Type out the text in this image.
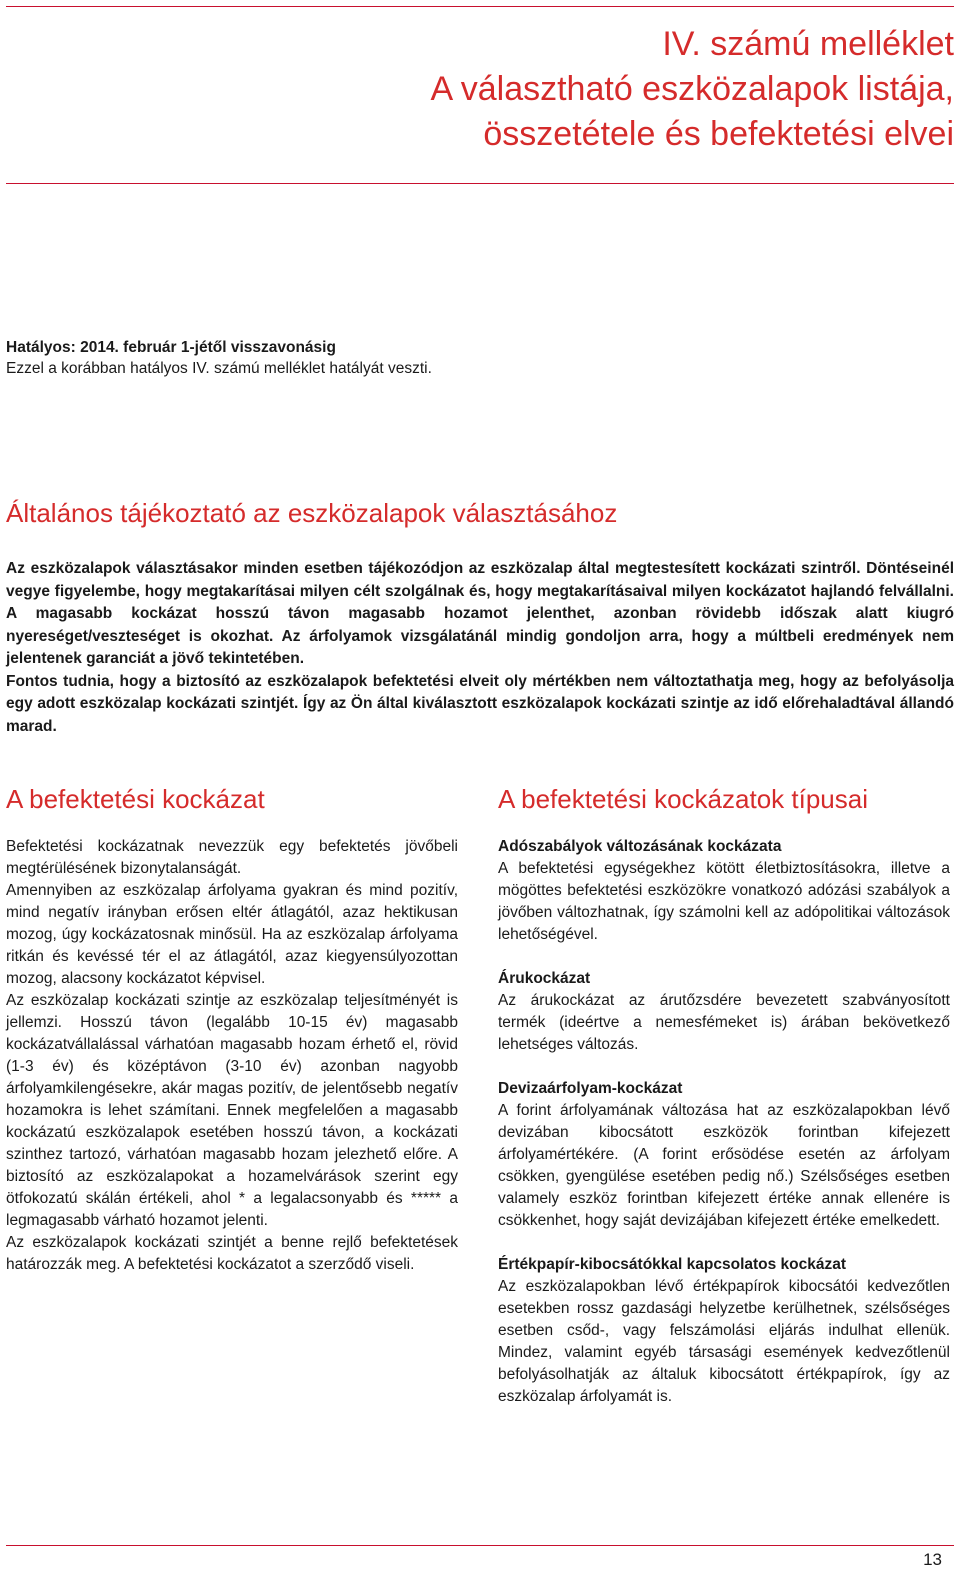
IV. számú melléklet
A választható eszközalapok listája,
összetétele és befektetési elvei
Hatályos: 2014. február 1-jétől visszavonásig
Ezzel a korábban hatályos IV. számú melléklet hatályát veszti.
Általános tájékoztató az eszközalapok választásához

Az eszközalapok választásakor minden esetben tájékozódjon az eszközalap által megtestesített kockázati szintről. Döntéseinél vegye figyelembe, hogy megtakarításai milyen célt szolgálnak és, hogy megtakarításaival milyen kockázatot hajlandó felvállalni. A magasabb kockázat hosszú távon magasabb hozamot jelenthet, azonban rövidebb időszak alatt kiugró nyereséget/veszteséget is okozhat. Az árfolyamok vizsgálatánál mindig gondoljon arra, hogy a múltbeli eredmények nem jelentenek garanciát a jövő tekintetében.

Fontos tudnia, hogy a biztosító az eszközalapok befektetési elveit oly mértékben nem változtathatja meg, hogy az befolyásolja egy adott eszközalap kockázati szintjét. Így az Ön által kiválasztott eszközalapok kockázati szintje az idő előrehaladtával állandó marad.

A befektetési kockázat

Befektetési kockázatnak nevezzük egy befektetés jövőbeli megtérülésének bizonytalanságát.

Amennyiben az eszközalap árfolyama gyakran és mind pozitív, mind negatív irányban erősen eltér átlagától, azaz hektikusan mozog, úgy kockázatosnak minősül. Ha az eszközalap árfolyama ritkán és kevéssé tér el az átlagától, azaz kiegyensúlyozottan mozog, alacsony kockázatot képvisel.

Az eszközalap kockázati szintje az eszközalap teljesítményét is jellemzi. Hosszú távon (legalább 10-15 év) magasabb kockázatvállalással várhatóan magasabb hozam érhető el, rövid (1-3 év) és középtávon (3-10 év) azonban nagyobb árfolyamkilengésekre, akár magas pozitív, de jelentősebb negatív hozamokra is lehet számítani. Ennek megfelelően a magasabb kockázatú eszközalapok esetében hosszú távon, a kockázati szinthez tartozó, várhatóan magasabb hozam jelezhető előre. A biztosító az eszközalapokat a hozamelvárások szerint egy ötfokozatú skálán értékeli, ahol * a legalacsonyabb és ***** a legmagasabb várható hozamot jelenti.

Az eszközalapok kockázati szintjét a benne rejlő befektetések határozzák meg. A befektetési kockázatot a szerződő viseli.

A befektetési kockázatok típusai
Adószabályok változásának kockázata

A befektetési egységekhez kötött életbiztosításokra, illetve a mögöttes befektetési eszközökre vonatkozó adózási szabályok a jövőben változhatnak, így számolni kell az adópolitikai változások lehetőségével.

Árukockázat

Az árukockázat az árutőzsdére bevezetett szabványosított termék (ideértve a nemesfémeket is) árában bekövetkező lehetséges változás.

Devizaárfolyam-kockázat

A forint árfolyamának változása hat az eszközalapokban lévő devizában kibocsátott eszközök forintban kifejezett árfolyamértékére. (A forint erősödése esetén az árfolyam csökken, gyengülése esetében pedig nő.) Szélsőséges esetben valamely eszköz forintban kifejezett értéke annak ellenére is csökkenhet, hogy saját devizájában kifejezett értéke emelkedett.

Értékpapír-kibocsátókkal kapcsolatos kockázat

Az eszközalapokban lévő értékpapírok kibocsátói kedvezőtlen esetekben rossz gazdasági helyzetbe kerülhetnek, szélsőséges esetben csőd-, vagy felszámolási eljárás indulhat ellenük. Mindez, valamint egyéb társasági események kedvezőtlenül befolyásolhatják az általuk kibocsátott értékpapírok, így az eszközalap árfolyamát is.

13
